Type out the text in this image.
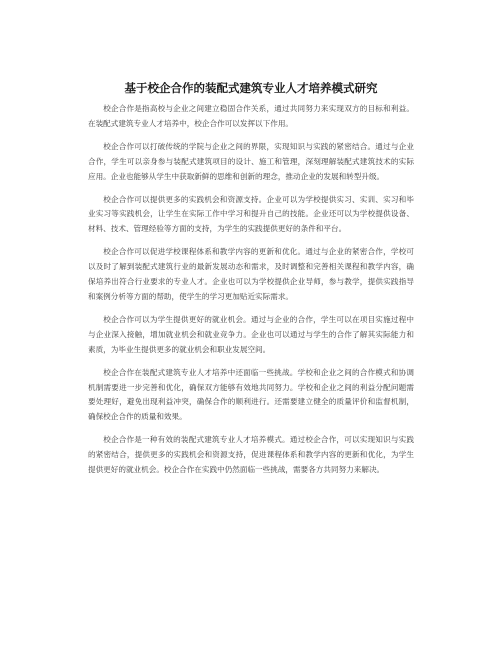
基于校企合作的装配式建筑专业人才培养模式研究

校企合作是指高校与企业之间建立稳固合作关系，通过共同努力来实现双方的目标和利益。在装配式建筑专业人才培养中，校企合作可以发挥以下作用。

校企合作可以打破传统的学院与企业之间的界限，实现知识与实践的紧密结合。通过与企业合作，学生可以亲身参与装配式建筑项目的设计、施工和管理，深刻理解装配式建筑技术的实际应用。企业也能够从学生中获取新鲜的思维和创新的理念，推动企业的发展和转型升级。

校企合作可以提供更多的实践机会和资源支持。企业可以为学校提供实习、实训、实习和毕业实习等实践机会，让学生在实际工作中学习和提升自己的技能。企业还可以为学校提供设备、材料、技术、管理经验等方面的支持，为学生的实践提供更好的条件和平台。

校企合作可以促进学校课程体系和教学内容的更新和优化。通过与企业的紧密合作，学校可以及时了解到装配式建筑行业的最新发展动态和需求，及时调整和完善相关课程和教学内容，确保培养出符合行业要求的专业人才。企业也可以为学校提供企业导师，参与教学，提供实践指导和案例分析等方面的帮助，使学生的学习更加贴近实际需求。

校企合作可以为学生提供更好的就业机会。通过与企业的合作，学生可以在项目实施过程中与企业深入接触，增加就业机会和就业竞争力。企业也可以通过与学生的合作了解其实际能力和素质，为毕业生提供更多的就业机会和职业发展空间。

校企合作在装配式建筑专业人才培养中还面临一些挑战。学校和企业之间的合作模式和协调机制需要进一步完善和优化，确保双方能够有效地共同努力。学校和企业之间的利益分配问题需要处理好，避免出现利益冲突，确保合作的顺利进行。还需要建立健全的质量评价和监督机制，确保校企合作的质量和效果。

校企合作是一种有效的装配式建筑专业人才培养模式。通过校企合作，可以实现知识与实践的紧密结合，提供更多的实践机会和资源支持，促进课程体系和教学内容的更新和优化，为学生提供更好的就业机会。校企合作在实践中仍然面临一些挑战，需要各方共同努力来解决。
